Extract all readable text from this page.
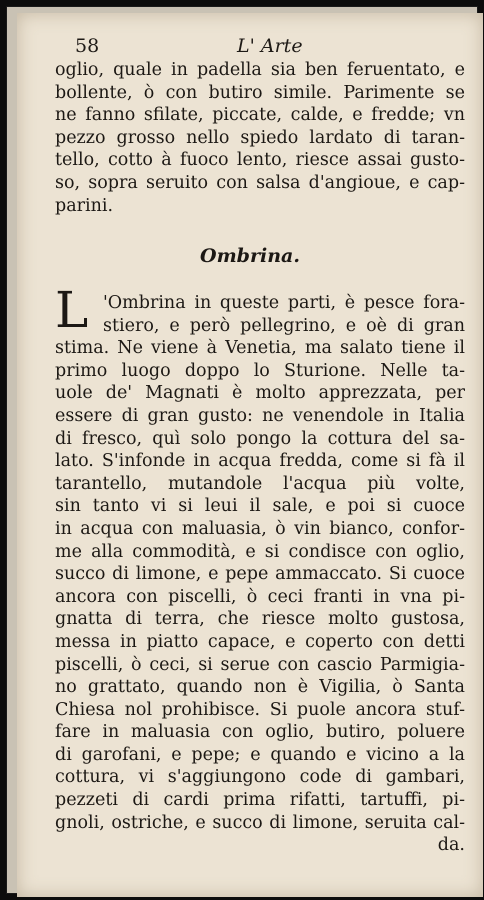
58	L' Arte
oglio, quale in padella sia ben feruentato, e
bollente, ò con butiro simile. Parimente se
ne fanno sfilate, piccate, calde, e fredde; vn
pezzo grosso nello spiedo lardato di taran-
tello, cotto à fuoco lento, riesce assai gusto-
so, sopra seruito con salsa d'angioue, e cap-
parini.
Ombrina.
L 'Ombrina in queste parti, è pesce fora-
stiero, e però pellegrino, e oè di gran
stima. Ne viene à Venetia, ma salato tiene il
primo luogo doppo lo Sturione. Nelle ta-
uole de' Magnati è molto apprezzata, per
essere di gran gusto: ne venendole in Italia
di fresco, quì solo pongo la cottura del sa-
lato. S'infonde in acqua fredda, come si fà il
tarantello, mutandole l'acqua più volte,
sin tanto vi si leui il sale, e poi si cuoce
in acqua con maluasia, ò vin bianco, confor-
me alla commodità, e si condisce con oglio,
succo di limone, e pepe ammaccato. Si cuoce
ancora con piscelli, ò ceci franti in vna pi-
gnatta di terra, che riesce molto gustosa,
messa in piatto capace, e coperto con detti
piscelli, ò ceci, si serue con cascio Parmigia-
no grattato, quando non è Vigilia, ò Santa
Chiesa nol prohibisce. Si puole ancora stuf-
fare in maluasia con oglio, butiro, poluere
di garofani, e pepe; e quando e vicino a la
cottura, vi s'aggiungono code di gambari,
pezzeti di cardi prima rifatti, tartuffi, pi-
gnoli, ostriche, e succo di limone, seruita cal-
da.
